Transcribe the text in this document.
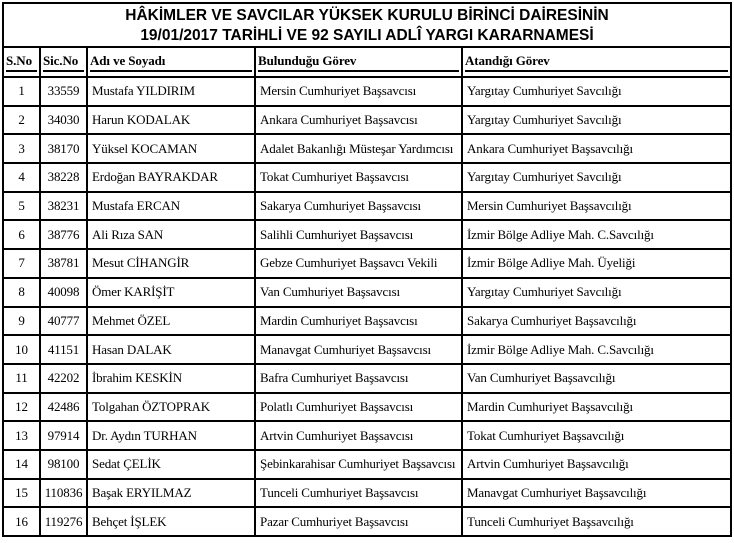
HÂKİMLER VE SAVCILAR YÜKSEK KURULU BİRİNCİ DAİRESİNİN
19/01/2017 TARİHLİ VE 92 SAYILI ADLÎ YARGI KARARNAMESİ
S.No	Sic.No	Adı ve Soyadı	Bulunduğu Görev	Atandığı Görev

1	33559	Mustafa YILDIRIM	Mersin Cumhuriyet Başsavcısı	Yargıtay Cumhuriyet Savcılığı
2	34030	Harun KODALAK	Ankara Cumhuriyet Başsavcısı	Yargıtay Cumhuriyet Savcılığı
3	38170	Yüksel KOCAMAN	Adalet Bakanlığı Müsteşar Yardımcısı	Ankara Cumhuriyet Başsavcılığı
4	38228	Erdoğan BAYRAKDAR	Tokat Cumhuriyet Başsavcısı	Yargıtay Cumhuriyet Savcılığı
5	38231	Mustafa ERCAN	Sakarya Cumhuriyet Başsavcısı	Mersin Cumhuriyet Başsavcılığı
6	38776	Ali Rıza SAN	Salihli Cumhuriyet Başsavcısı	İzmir Bölge Adliye Mah. C.Savcılığı
7	38781	Mesut CİHANGİR	Gebze Cumhuriyet Başsavcı Vekili	İzmir Bölge Adliye Mah. Üyeliği
8	40098	Ömer KARİŞİT	Van Cumhuriyet Başsavcısı	Yargıtay Cumhuriyet Savcılığı
9	40777	Mehmet ÖZEL	Mardin Cumhuriyet Başsavcısı	Sakarya Cumhuriyet Başsavcılığı
10	41151	Hasan DALAK	Manavgat Cumhuriyet Başsavcısı	İzmir Bölge Adliye Mah. C.Savcılığı
11	42202	İbrahim KESKİN	Bafra Cumhuriyet Başsavcısı	Van Cumhuriyet Başsavcılığı
12	42486	Tolgahan ÖZTOPRAK	Polatlı Cumhuriyet Başsavcısı	Mardin Cumhuriyet Başsavcılığı
13	97914	Dr. Aydın TURHAN	Artvin Cumhuriyet Başsavcısı	Tokat Cumhuriyet Başsavcılığı
14	98100	Sedat ÇELİK	Şebinkarahisar Cumhuriyet Başsavcısı	Artvin Cumhuriyet Başsavcılığı
15	110836	Başak ERYILMAZ	Tunceli Cumhuriyet Başsavcısı	Manavgat Cumhuriyet Başsavcılığı
16	119276	Behçet İŞLEK	Pazar Cumhuriyet Başsavcısı	Tunceli Cumhuriyet Başsavcılığı
